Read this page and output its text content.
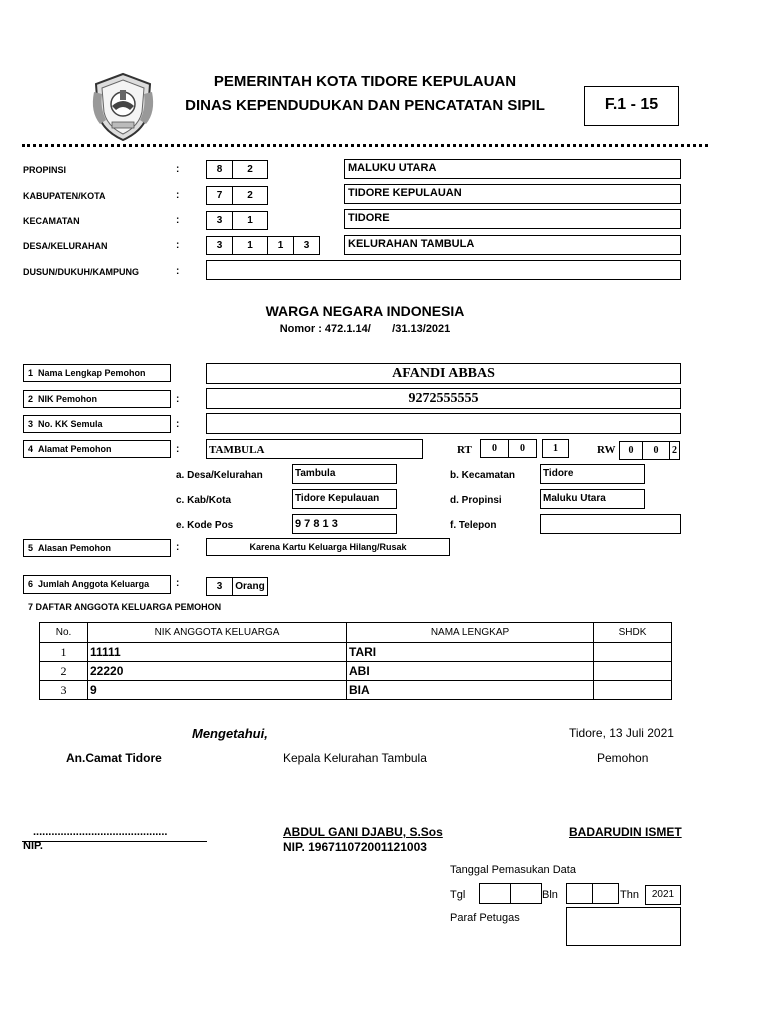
PEMERINTAH KOTA TIDORE KEPULAUAN
DINAS KEPENDUDUKAN DAN PENCATATAN SIPIL	F.1 - 15
PROPINSI	:	8	2	MALUKU UTARA
KABUPATEN/KOTA	:	7	2	TIDORE KEPULAUAN
KECAMATAN	:	3	1	TIDORE
DESA/KELURAHAN	:	3	1	1	3	KELURAHAN TAMBULA
DUSUN/DUKUH/KAMPUNG	:
WARGA NEGARA INDONESIA
Nomor : 472.1.14/       /31.13/2021
1 Nama Lengkap Pemohon	AFANDI ABBAS
2 NIK Pemohon	:	9272555555
3 No. KK Semula	:
4 Alamat Pemohon	:	TAMBULA	RT	0	0	1	RW	0	0	2
a. Desa/Kelurahan	Tambula	b. Kecamatan	Tidore
c. Kab/Kota	Tidore Kepulauan	d. Propinsi	Maluku Utara
e. Kode Pos	9 7 8 1 3	f. Telepon
5 Alasan Pemohon	:	Karena Kartu Keluarga Hilang/Rusak
6 Jumlah Anggota Keluarga	:	3	Orang
7 DAFTAR ANGGOTA KELUARGA PEMOHON
No.	NIK ANGGOTA KELUARGA	NAMA LENGKAP	SHDK
1	11111	TARI	
2	22220	ABI	
3	9	BIA	
Mengetahui,	Tidore, 13 Juli 2021
An.Camat Tidore	Kepala Kelurahan Tambula	Pemohon
............................................
NIP.
ABDUL GANI DJABU, S.Sos
NIP. 196711072001121003
BADARUDIN ISMET
Tanggal Pemasukan Data
Tgl	Bln	Thn	2021
Paraf Petugas
